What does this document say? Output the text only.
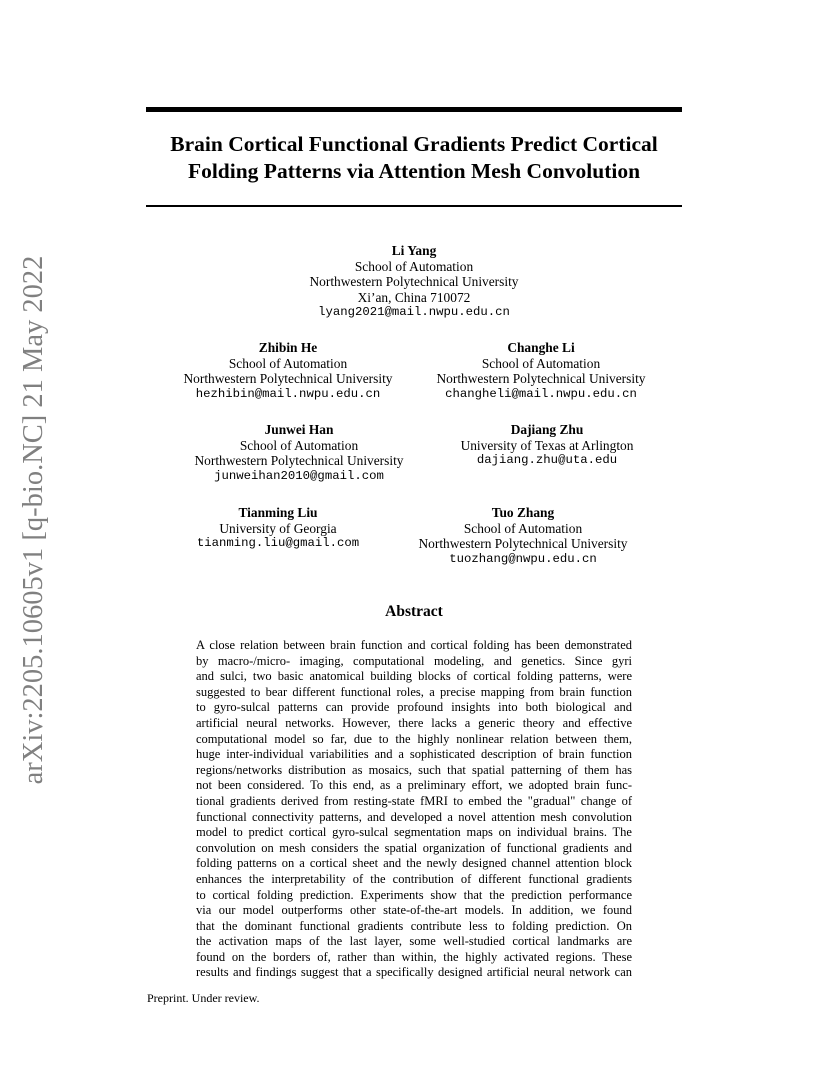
Brain Cortical Functional Gradients Predict Cortical
Folding Patterns via Attention Mesh Convolution
arXiv:2205.10605v1 [q-bio.NC] 21 May 2022
Li Yang
School of Automation
Northwestern Polytechnical University
Xi’an, China 710072
lyang2021@mail.nwpu.edu.cn
Zhibin He
School of Automation
Northwestern Polytechnical University
hezhibin@mail.nwpu.edu.cn
Changhe Li
School of Automation
Northwestern Polytechnical University
changheli@mail.nwpu.edu.cn
Junwei Han
School of Automation
Northwestern Polytechnical University
junweihan2010@gmail.com
Dajiang Zhu
University of Texas at Arlington
dajiang.zhu@uta.edu
Tianming Liu
University of Georgia
tianming.liu@gmail.com
Tuo Zhang
School of Automation
Northwestern Polytechnical University
tuozhang@nwpu.edu.cn
Abstract
A close relation between brain function and cortical folding has been demonstrated
by macro-/micro- imaging, computational modeling, and genetics. Since gyri
and sulci, two basic anatomical building blocks of cortical folding patterns, were
suggested to bear different functional roles, a precise mapping from brain function
to gyro-sulcal patterns can provide profound insights into both biological and
artificial neural networks. However, there lacks a generic theory and effective
computational model so far, due to the highly nonlinear relation between them,
huge inter-individual variabilities and a sophisticated description of brain function
regions/networks distribution as mosaics, such that spatial patterning of them has
not been considered. To this end, as a preliminary effort, we adopted brain func-
tional gradients derived from resting-state fMRI to embed the "gradual" change of
functional connectivity patterns, and developed a novel attention mesh convolution
model to predict cortical gyro-sulcal segmentation maps on individual brains. The
convolution on mesh considers the spatial organization of functional gradients and
folding patterns on a cortical sheet and the newly designed channel attention block
enhances the interpretability of the contribution of different functional gradients
to cortical folding prediction. Experiments show that the prediction performance
via our model outperforms other state-of-the-art models. In addition, we found
that the dominant functional gradients contribute less to folding prediction. On
the activation maps of the last layer, some well-studied cortical landmarks are
found on the borders of, rather than within, the highly activated regions. These
results and findings suggest that a specifically designed artificial neural network can
Preprint. Under review.
